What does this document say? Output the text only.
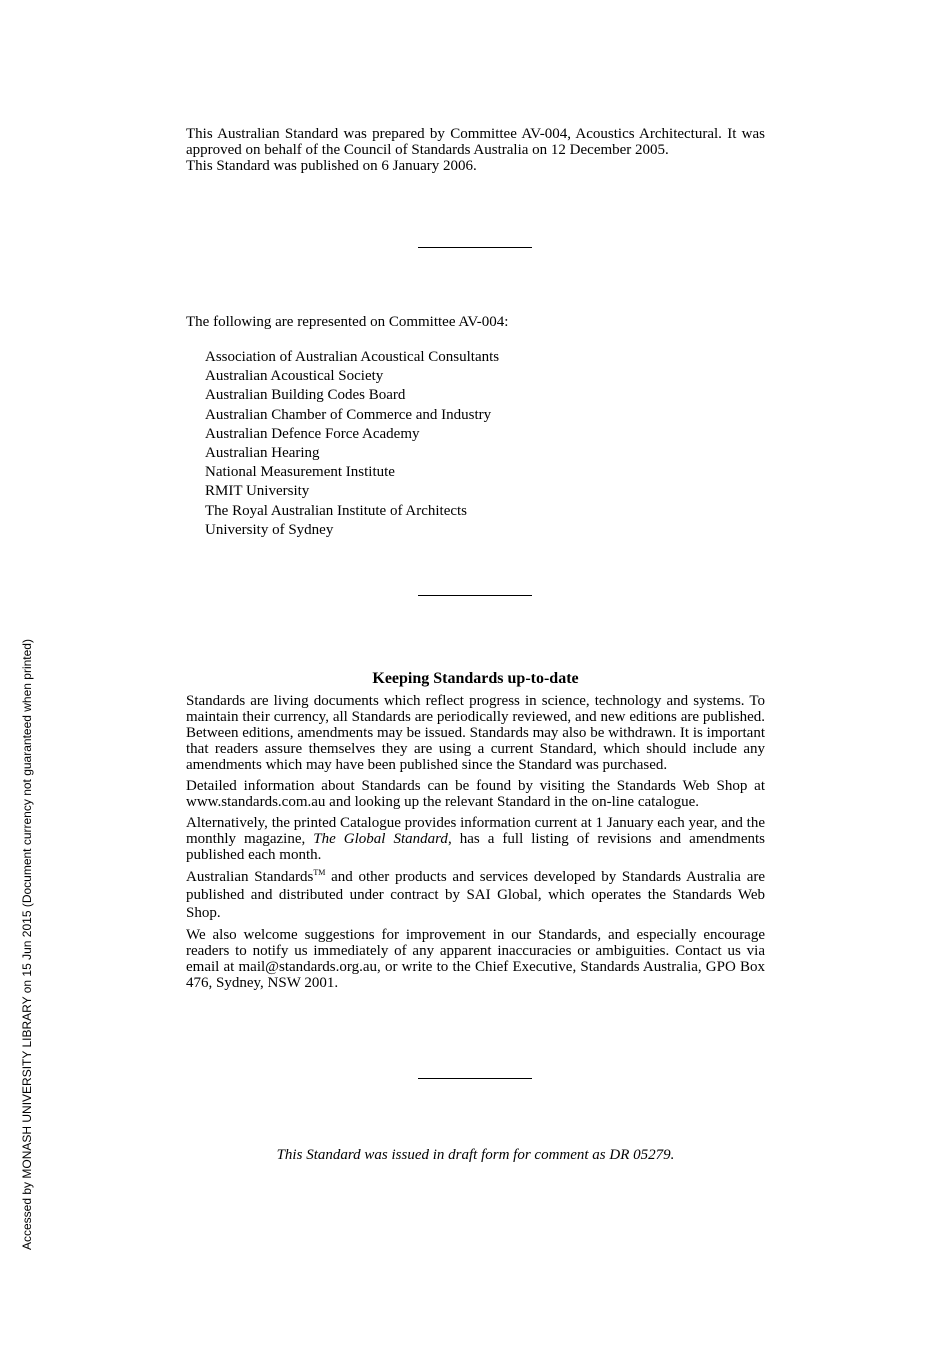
This Australian Standard was prepared by Committee AV-004, Acoustics Architectural. It was approved on behalf of the Council of Standards Australia on 12 December 2005.

This Standard was published on 6 January 2006.

The following are represented on Committee AV-004:
Association of Australian Acoustical Consultants
Australian Acoustical Society
Australian Building Codes Board
Australian Chamber of Commerce and Industry
Australian Defence Force Academy
Australian Hearing
National Measurement Institute
RMIT University
The Royal Australian Institute of Architects
University of Sydney
Keeping Standards up-to-date

Standards are living documents which reflect progress in science, technology and systems. To maintain their currency, all Standards are periodically reviewed, and new editions are published. Between editions, amendments may be issued. Standards may also be withdrawn. It is important that readers assure themselves they are using a current Standard, which should include any amendments which may have been published since the Standard was purchased.

Detailed information about Standards can be found by visiting the Standards Web Shop at www.standards.com.au and looking up the relevant Standard in the on-line catalogue.

Alternatively, the printed Catalogue provides information current at 1 January each year, and the monthly magazine, The Global Standard, has a full listing of revisions and amendments published each month.

Australian Standards™ and other products and services developed by Standards Australia are published and distributed under contract by SAI Global, which operates the Standards Web Shop.

We also welcome suggestions for improvement in our Standards, and especially encourage readers to notify us immediately of any apparent inaccuracies or ambiguities. Contact us via email at mail@standards.org.au, or write to the Chief Executive, Standards Australia, GPO Box 476, Sydney, NSW 2001.

This Standard was issued in draft form for comment as DR 05279.
Accessed by MONASH UNIVERSITY LIBRARY on 15 Jun 2015 (Document currency not guaranteed when printed)
